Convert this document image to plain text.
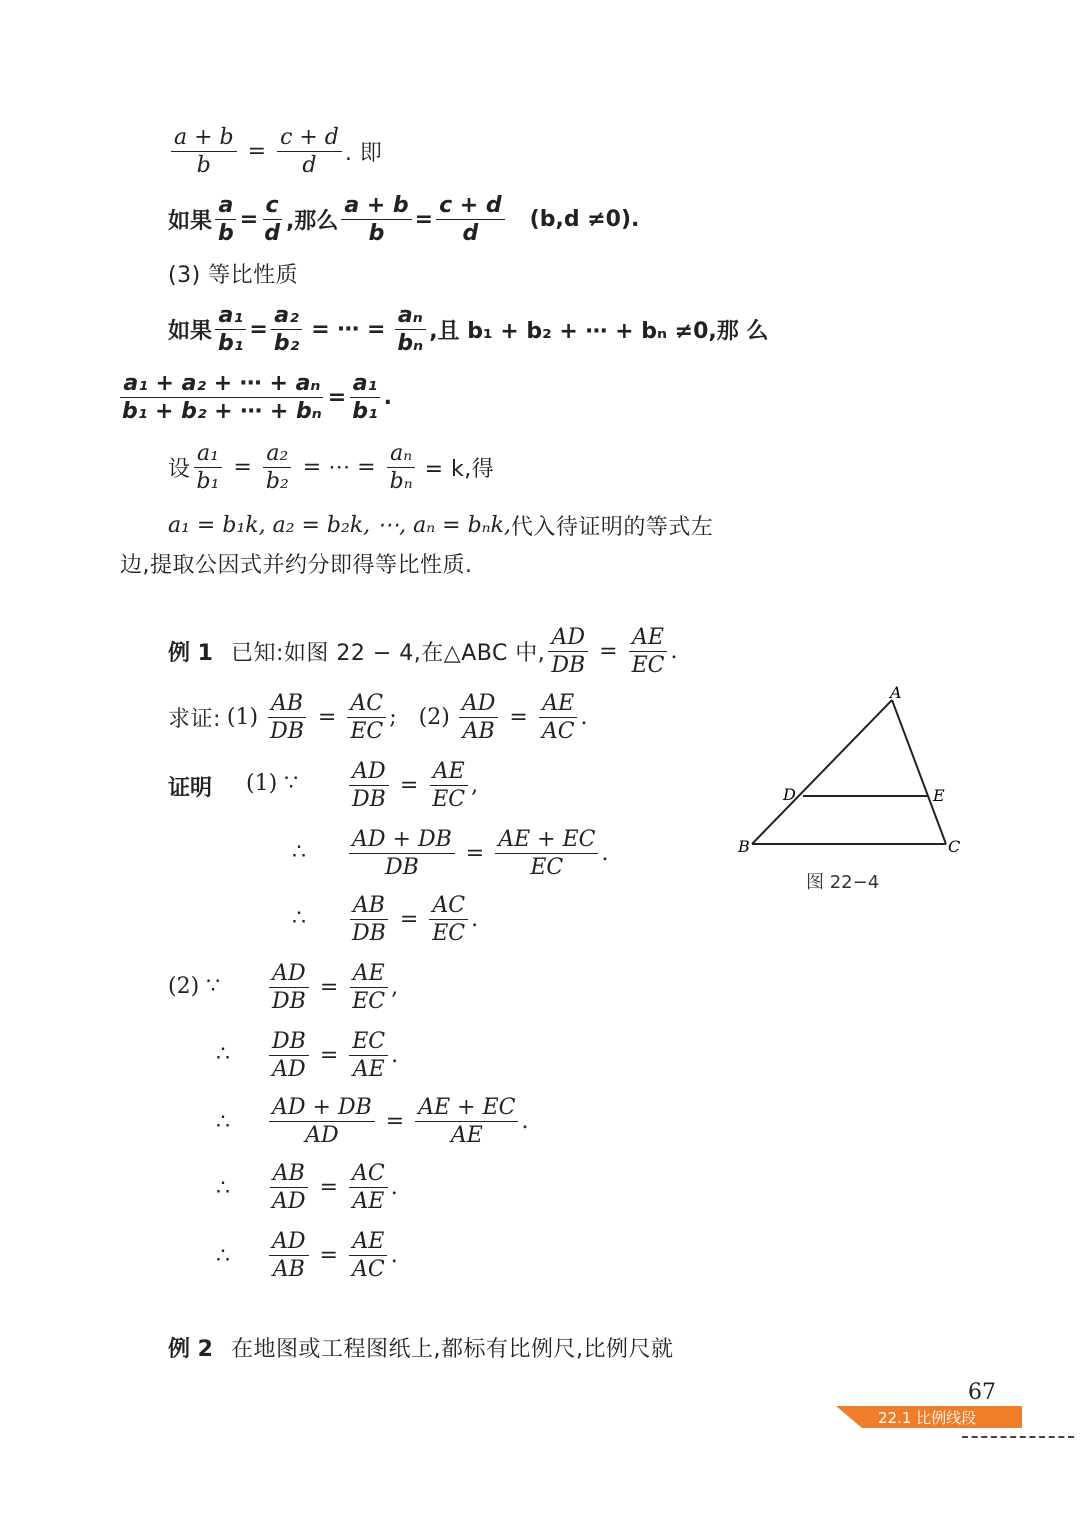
$\frac{a + b}{b} = \frac{c + d}{d}$ . 即
如果 $\frac{a}{b} = \frac{c}{d}$ ,那么 $\frac{a + b}{b} = \frac{c + d}{d} (b,d \ne 0)$.
(3) 等比性质
如果 $\frac{\text{a₁}}{\text{b₁}} = \frac{\text{a₂}}{\text{b₂}}$ = ⋯ = $\frac{\text{aₙ}}{\text{bₙ}}$ ,且 b₁ + b₂ + ⋯ + bₙ ≠0,那 么
$\frac{\text{a₁ + a₂ + ⋯ + aₙ}}{\text{b₁ + b₂ + ⋯ + bₙ}} = \frac{\text{a₁}}{\text{b₁}}$ .
设 $\frac{\text{a₁}}{\text{b₁}} = \frac{\text{a₂}}{\text{b₂}}$ = ⋯ = $\frac{\text{aₙ}}{\text{bₙ}} = k$,得
a₁ = b₁k, a₂ = b₂k, ⋯, aₙ = bₙk, 代入待证明的等式左
边,提取公因式并约分即得等比性质.
例 1 已知:如图 22 − 4,在△ABC 中, $\frac{AD}{DB} = \frac{AE}{EC}$ .
求证: $(1) \frac{AB}{DB} = \frac{AC}{EC}$ ; $(2) \frac{AD}{AB} = \frac{AE}{AC}$ .
证明 (1) ∵ $\frac{AD}{DB} = \frac{AE}{EC}$ ,
∴ $\frac{AD + DB}{DB} = \frac{AE + EC}{EC}$ .
∴ $\frac{AB}{DB} = \frac{AC}{EC}$ .
(2) ∵ $\frac{AD}{DB} = \frac{AE}{EC}$ ,
∴ $\frac{DB}{AD} = \frac{EC}{AE}$ .
∴ $\frac{AD + DB}{AD} = \frac{AE + EC}{AE}$ .
∴ $\frac{AB}{AD} = \frac{AC}{AE}$ .
∴ $\frac{AD}{AB} = \frac{AE}{AC}$ .
A
B	C
D	E
图 22−4
例 2 在地图或工程图纸上,都标有比例尺,比例尺就
67
22.1 比例线段
